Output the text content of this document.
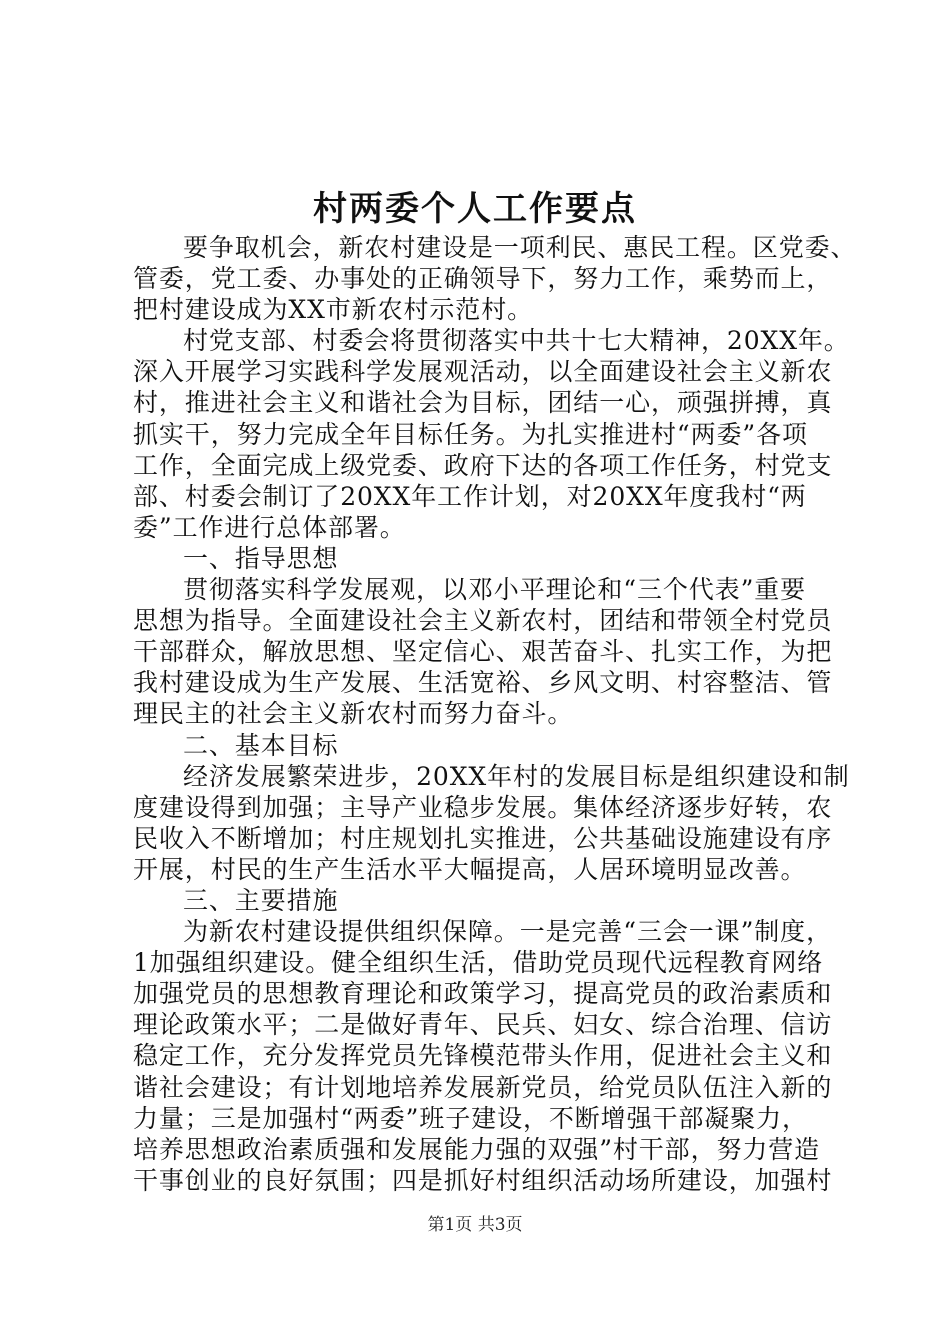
村两委个人工作要点
要争取机会，新农村建设是一项利民、惠民工程。区党委、
管委，党工委、办事处的正确领导下，努力工作，乘势而上，
把村建设成为XX市新农村示范村。
村党支部、村委会将贯彻落实中共十七大精神，20XX年。
深入开展学习实践科学发展观活动，以全面建设社会主义新农
村，推进社会主义和谐社会为目标，团结一心，顽强拼搏，真
抓实干，努力完成全年目标任务。为扎实推进村“两委”各项
工作，全面完成上级党委、政府下达的各项工作任务，村党支
部、村委会制订了20XX年工作计划，对20XX年度我村“两
委”工作进行总体部署。
一、指导思想
贯彻落实科学发展观，以邓小平理论和“三个代表”重要
思想为指导。全面建设社会主义新农村，团结和带领全村党员
干部群众，解放思想、坚定信心、艰苦奋斗、扎实工作，为把
我村建设成为生产发展、生活宽裕、乡风文明、村容整洁、管
理民主的社会主义新农村而努力奋斗。
二、基本目标
经济发展繁荣进步，20XX年村的发展目标是组织建设和制
度建设得到加强；主导产业稳步发展。集体经济逐步好转，农
民收入不断增加；村庄规划扎实推进，公共基础设施建设有序
开展，村民的生产生活水平大幅提高，人居环境明显改善。
三、主要措施
为新农村建设提供组织保障。一是完善“三会一课”制度，
1加强组织建设。健全组织生活，借助党员现代远程教育网络
加强党员的思想教育理论和政策学习，提高党员的政治素质和
理论政策水平；二是做好青年、民兵、妇女、综合治理、信访
稳定工作，充分发挥党员先锋模范带头作用，促进社会主义和
谐社会建设；有计划地培养发展新党员，给党员队伍注入新的
力量；三是加强村“两委”班子建设，不断增强干部凝聚力，
培养思想政治素质强和发展能力强的双强”村干部，努力营造
干事创业的良好氛围；四是抓好村组织活动场所建设，加强村
第1页 共3页
